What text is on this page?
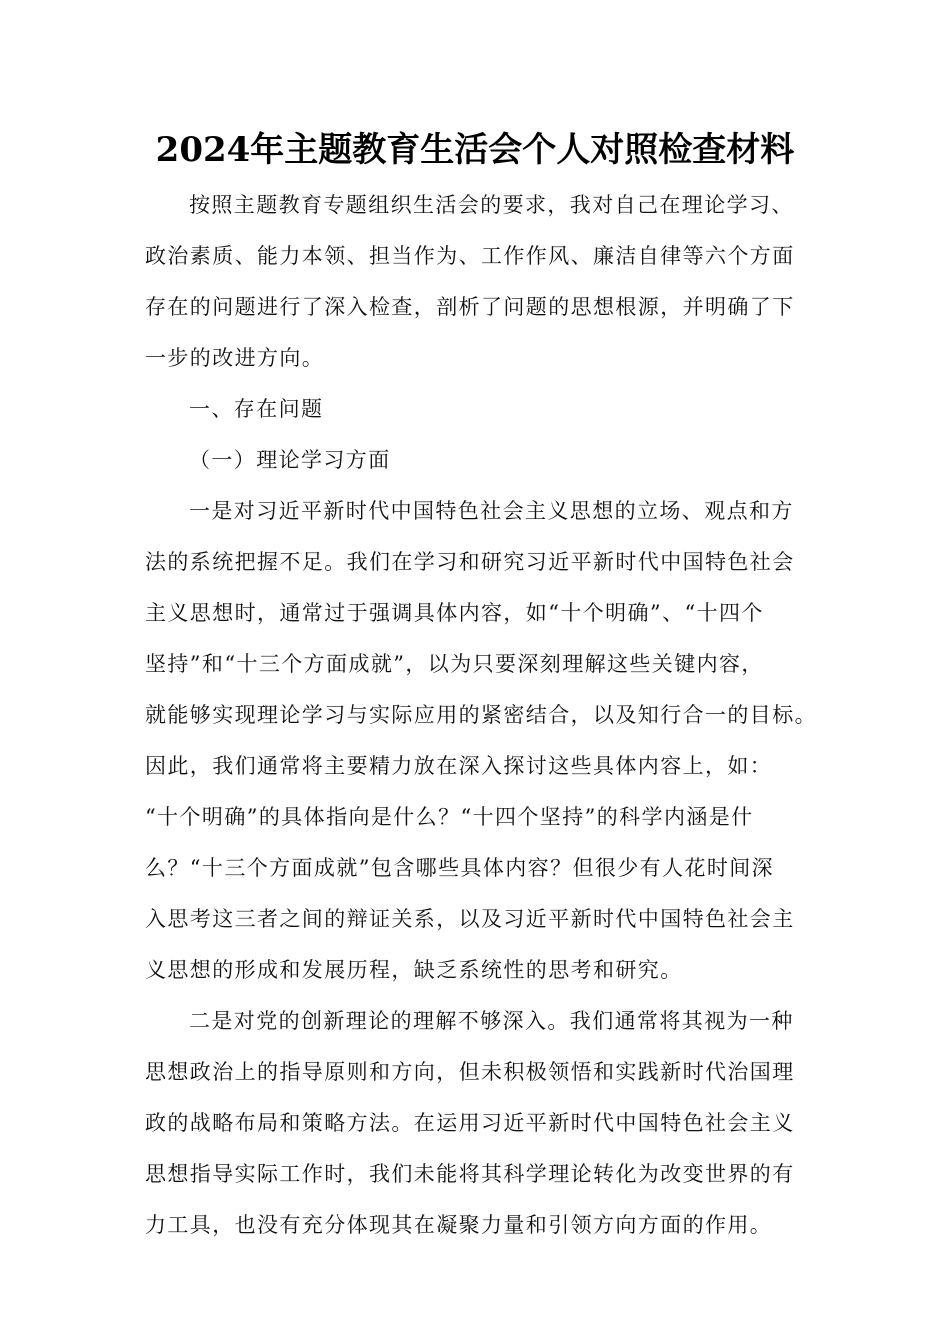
2024年主题教育生活会个人对照检查材料
按照主题教育专题组织生活会的要求，我对自己在理论学习、
政治素质、能力本领、担当作为、工作作风、廉洁自律等六个方面
存在的问题进行了深入检查，剖析了问题的思想根源，并明确了下
一步的改进方向。
一、存在问题
（一）理论学习方面
一是对习近平新时代中国特色社会主义思想的立场、观点和方
法的系统把握不足。我们在学习和研究习近平新时代中国特色社会
主义思想时，通常过于强调具体内容，如“十个明确”、“十四个
坚持”和“十三个方面成就”，以为只要深刻理解这些关键内容，
就能够实现理论学习与实际应用的紧密结合，以及知行合一的目标。
因此，我们通常将主要精力放在深入探讨这些具体内容上，如：
“十个明确”的具体指向是什么？“十四个坚持”的科学内涵是什
么？“十三个方面成就”包含哪些具体内容？但很少有人花时间深
入思考这三者之间的辩证关系，以及习近平新时代中国特色社会主
义思想的形成和发展历程，缺乏系统性的思考和研究。
二是对党的创新理论的理解不够深入。我们通常将其视为一种
思想政治上的指导原则和方向，但未积极领悟和实践新时代治国理
政的战略布局和策略方法。在运用习近平新时代中国特色社会主义
思想指导实际工作时，我们未能将其科学理论转化为改变世界的有
力工具，也没有充分体现其在凝聚力量和引领方向方面的作用。
